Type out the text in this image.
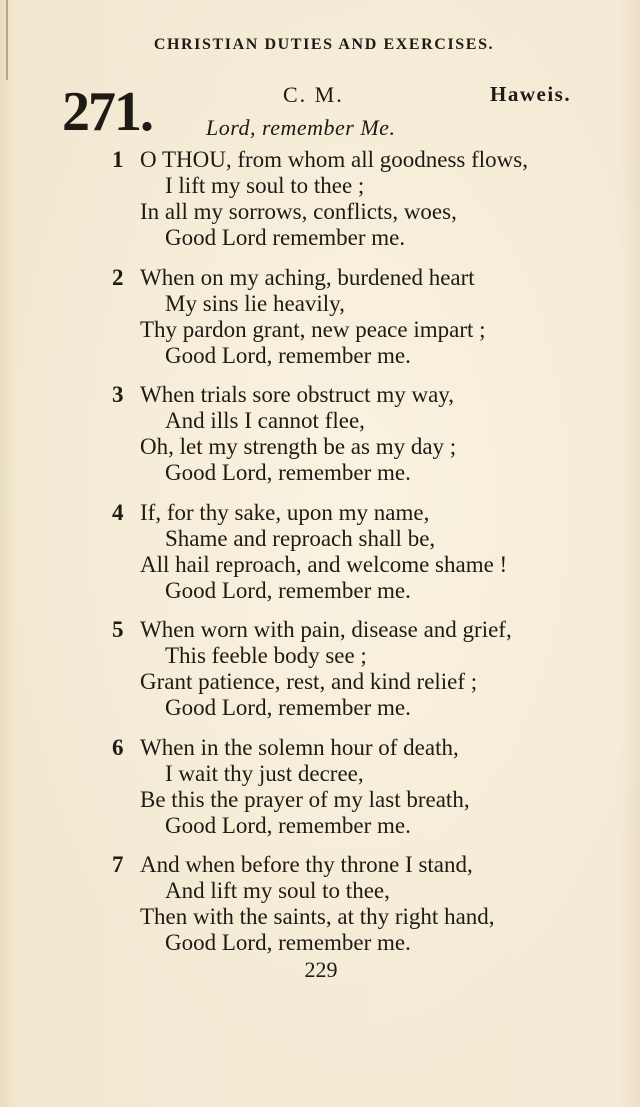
CHRISTIAN DUTIES AND EXERCISES.
271.	C. M.	Haweis.
Lord, remember Me.
1 O THOU, from whom all goodness flows,
I lift my soul to thee ;
In all my sorrows, conflicts, woes,
Good Lord remember me.
2 When on my aching, burdened heart
My sins lie heavily,
Thy pardon grant, new peace impart ;
Good Lord, remember me.
3 When trials sore obstruct my way,
And ills I cannot flee,
Oh, let my strength be as my day ;
Good Lord, remember me.
4 If, for thy sake, upon my name,
Shame and reproach shall be,
All hail reproach, and welcome shame !
Good Lord, remember me.
5 When worn with pain, disease and grief,
This feeble body see ;
Grant patience, rest, and kind relief ;
Good Lord, remember me.
6 When in the solemn hour of death,
I wait thy just decree,
Be this the prayer of my last breath,
Good Lord, remember me.
7 And when before thy throne I stand,
And lift my soul to thee,
Then with the saints, at thy right hand,
Good Lord, remember me.
229
